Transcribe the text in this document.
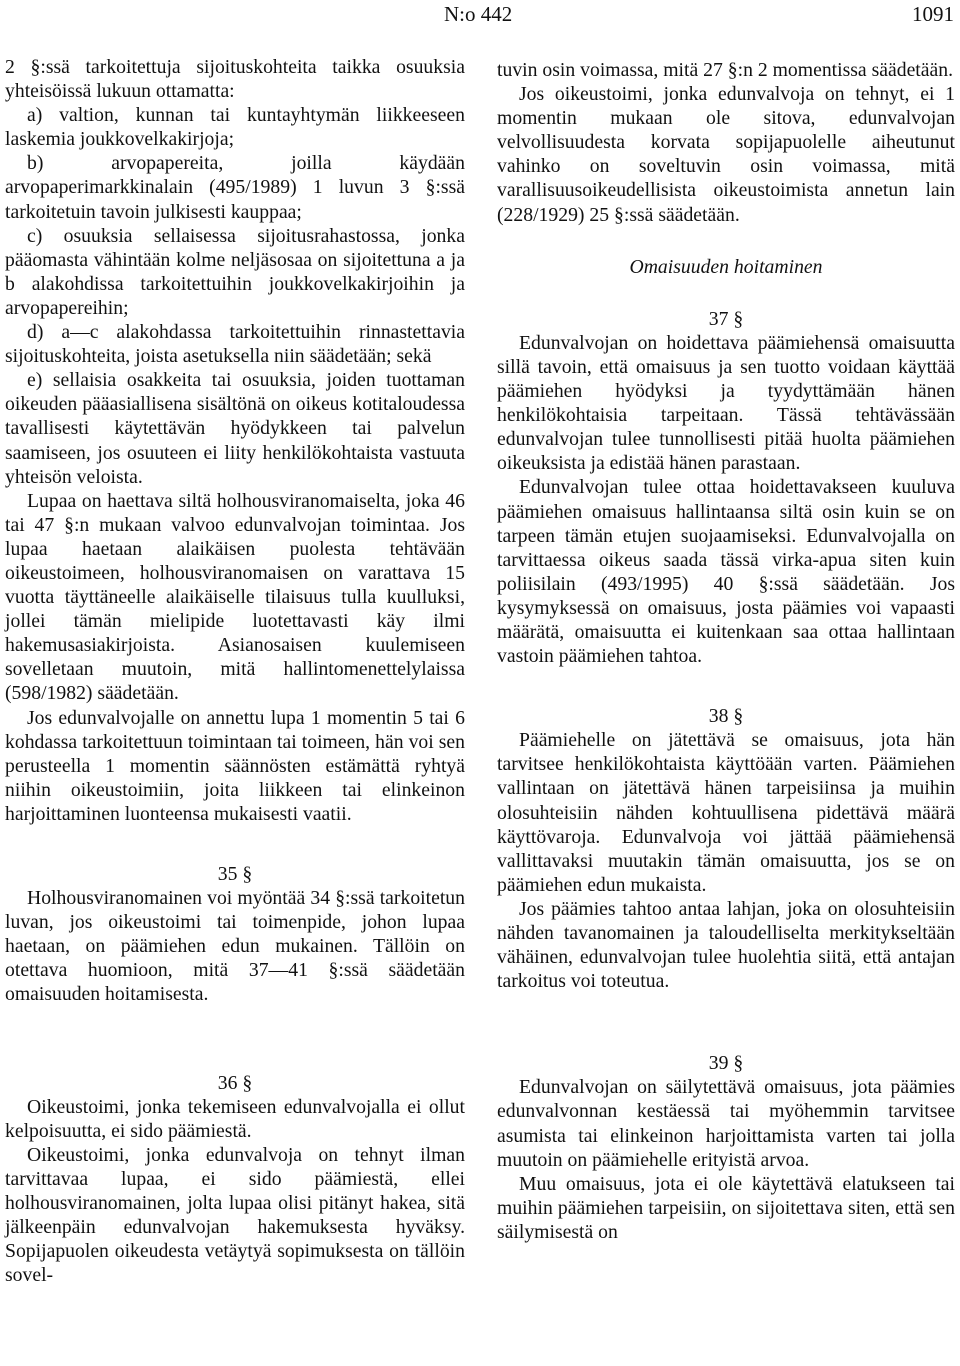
N:o 442	1091

2 §:ssä tarkoitettuja sijoituskohteita taikka osuuksia yhteisöissä lukuun ottamatta:

a) valtion, kunnan tai kuntayhtymän liikkeeseen laskemia joukkovelkakirjoja;

b) arvopapereita, joilla käydään arvopaperimarkkinalain (495/1989) 1 luvun 3 §:ssä tarkoitetuin tavoin julkisesti kauppaa;

c) osuuksia sellaisessa sijoitusrahastossa, jonka pääomasta vähintään kolme neljäsosaa on sijoitettuna a ja b alakohdissa tarkoitettuihin joukkovelkakirjoihin ja arvopapereihin;

d) a—c alakohdassa tarkoitettuihin rinnastettavia sijoituskohteita, joista asetuksella niin säädetään; sekä

e) sellaisia osakkeita tai osuuksia, joiden tuottaman oikeuden pääasiallisena sisältönä on oikeus kotitaloudessa tavallisesti käytettävän hyödykkeen tai palvelun saamiseen, jos osuuteen ei liity henkilökohtaista vastuuta yhteisön veloista.

Lupaa on haettava siltä holhousviranomaiselta, joka 46 tai 47 §:n mukaan valvoo edunvalvojan toimintaa. Jos lupaa haetaan alaikäisen puolesta tehtävään oikeustoimeen, holhousviranomaisen on varattava 15 vuotta täyttäneelle alaikäiselle tilaisuus tulla kuulluksi, jollei tämän mielipide luotettavasti käy ilmi hakemusasiakirjoista. Asianosaisen kuulemiseen sovelletaan muutoin, mitä hallintomenettelylaissa (598/1982) säädetään.

Jos edunvalvojalle on annettu lupa 1 momentin 5 tai 6 kohdassa tarkoitettuun toimintaan tai toimeen, hän voi sen perusteella 1 momentin säännösten estämättä ryhtyä niihin oikeustoimiin, joita liikkeen tai elinkeinon harjoittaminen luonteensa mukaisesti vaatii.

35 §

Holhousviranomainen voi myöntää 34 §:ssä tarkoitetun luvan, jos oikeustoimi tai toimenpide, johon lupaa haetaan, on päämiehen edun mukainen. Tällöin on otettava huomioon, mitä 37—41 §:ssä säädetään omaisuuden hoitamisesta.

36 §

Oikeustoimi, jonka tekemiseen edunvalvojalla ei ollut kelpoisuutta, ei sido päämiestä.

Oikeustoimi, jonka edunvalvoja on tehnyt ilman tarvittavaa lupaa, ei sido päämiestä, ellei holhousviranomainen, jolta lupaa olisi pitänyt hakea, sitä jälkeenpäin edunvalvojan hakemuksesta hyväksy. Sopijapuolen oikeudesta vetäytyä sopimuksesta on tällöin sovel-

tuvin osin voimassa, mitä 27 §:n 2 momentissa säädetään.

Jos oikeustoimi, jonka edunvalvoja on tehnyt, ei 1 momentin mukaan ole sitova, edunvalvojan velvollisuudesta korvata sopijapuolelle aiheutunut vahinko on soveltuvin osin voimassa, mitä varallisuusoikeudellisista oikeustoimista annetun lain (228/1929) 25 §:ssä säädetään.

Omaisuuden hoitaminen

37 §

Edunvalvojan on hoidettava päämiehensä omaisuutta sillä tavoin, että omaisuus ja sen tuotto voidaan käyttää päämiehen hyödyksi ja tyydyttämään hänen henkilökohtaisia tarpeitaan. Tässä tehtävässään edunvalvojan tulee tunnollisesti pitää huolta päämiehen oikeuksista ja edistää hänen parastaan.

Edunvalvojan tulee ottaa hoidettavakseen kuuluva päämiehen omaisuus hallintaansa siltä osin kuin se on tarpeen tämän etujen suojaamiseksi. Edunvalvojalla on tarvittaessa oikeus saada tässä virka-apua siten kuin poliisilain (493/1995) 40 §:ssä säädetään. Jos kysymyksessä on omaisuus, josta päämies voi vapaasti määrätä, omaisuutta ei kuitenkaan saa ottaa hallintaan vastoin päämiehen tahtoa.

38 §

Päämiehelle on jätettävä se omaisuus, jota hän tarvitsee henkilökohtaista käyttöään varten. Päämiehen vallintaan on jätettävä hänen tarpeisiinsa ja muihin olosuhteisiin nähden kohtuullisena pidettävä määrä käyttövaroja. Edunvalvoja voi jättää päämiehensä vallittavaksi muutakin tämän omaisuutta, jos se on päämiehen edun mukaista.

Jos päämies tahtoo antaa lahjan, joka on olosuhteisiin nähden tavanomainen ja taloudelliselta merkitykseltään vähäinen, edunvalvojan tulee huolehtia siitä, että antajan tarkoitus voi toteutua.

39 §

Edunvalvojan on säilytettävä omaisuus, jota päämies edunvalvonnan kestäessä tai myöhemmin tarvitsee asumista tai elinkeinon harjoittamista varten tai jolla muutoin on päämiehelle erityistä arvoa.

Muu omaisuus, jota ei ole käytettävä elatukseen tai muihin päämiehen tarpeisiin, on sijoitettava siten, että sen säilymisestä on
